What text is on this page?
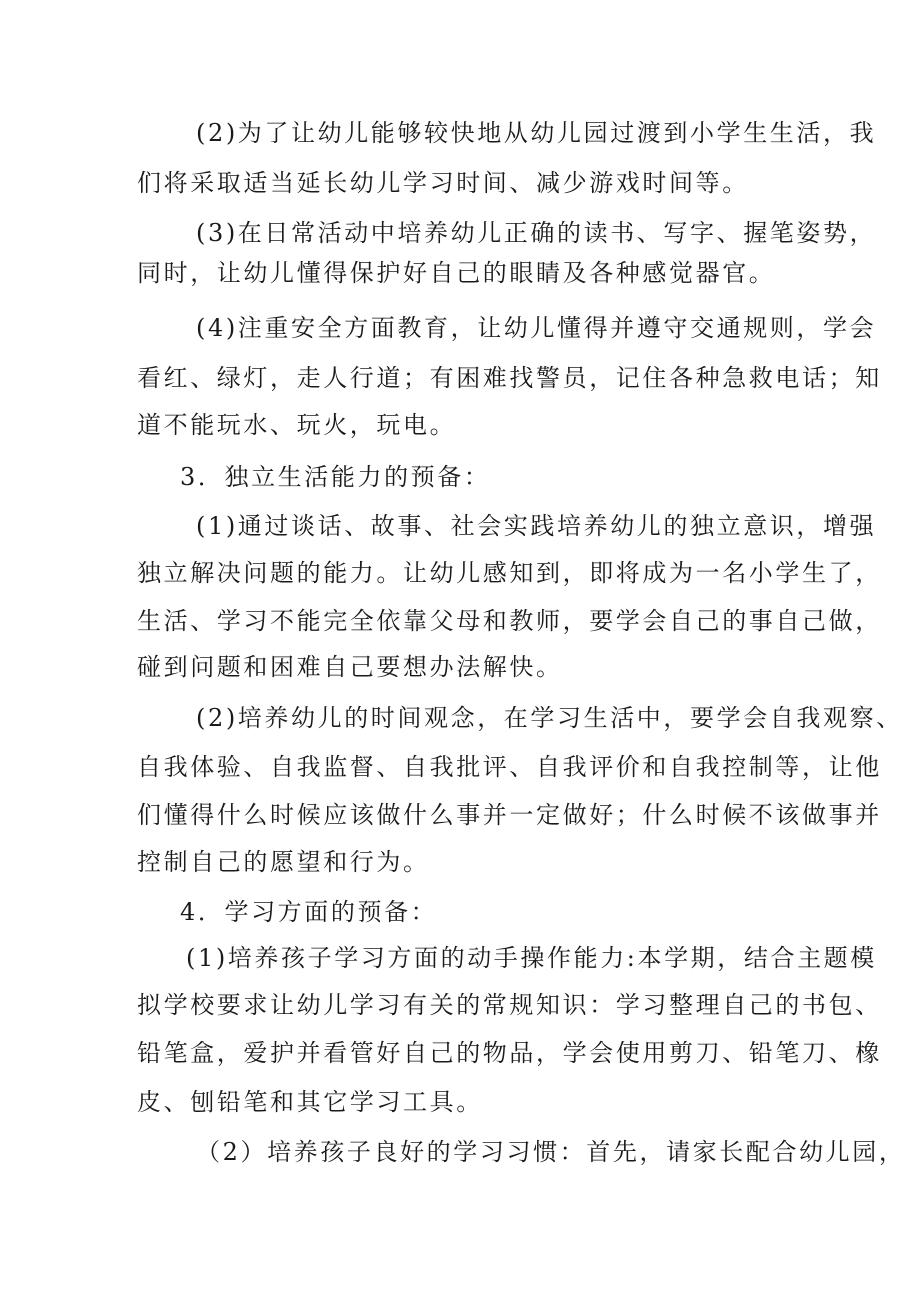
(2)为了让幼儿能够较快地从幼儿园过渡到小学生生活，我
们将采取适当延长幼儿学习时间、减少游戏时间等。
(3)在日常活动中培养幼儿正确的读书、写字、握笔姿势，
同时，让幼儿懂得保护好自己的眼睛及各种感觉器官。
(4)注重安全方面教育，让幼儿懂得并遵守交通规则，学会
看红、绿灯，走人行道；有困难找警员，记住各种急救电话；知
道不能玩水、玩火，玩电。
3．独立生活能力的预备：
(1)通过谈话、故事、社会实践培养幼儿的独立意识，增强
独立解决问题的能力。让幼儿感知到，即将成为一名小学生了，
生活、学习不能完全依靠父母和教师，要学会自己的事自己做，
碰到问题和困难自己要想办法解快。
(2)培养幼儿的时间观念，在学习生活中，要学会自我观察、
自我体验、自我监督、自我批评、自我评价和自我控制等，让他
们懂得什么时候应该做什么事并一定做好；什么时候不该做事并
控制自己的愿望和行为。
4．学习方面的预备：
(1)培养孩子学习方面的动手操作能力:本学期，结合主题模
拟学校要求让幼儿学习有关的常规知识：学习整理自己的书包、
铅笔盒，爱护并看管好自己的物品，学会使用剪刀、铅笔刀、橡
皮、刨铅笔和其它学习工具。
（2）培养孩子良好的学习习惯：首先，请家长配合幼儿园，
